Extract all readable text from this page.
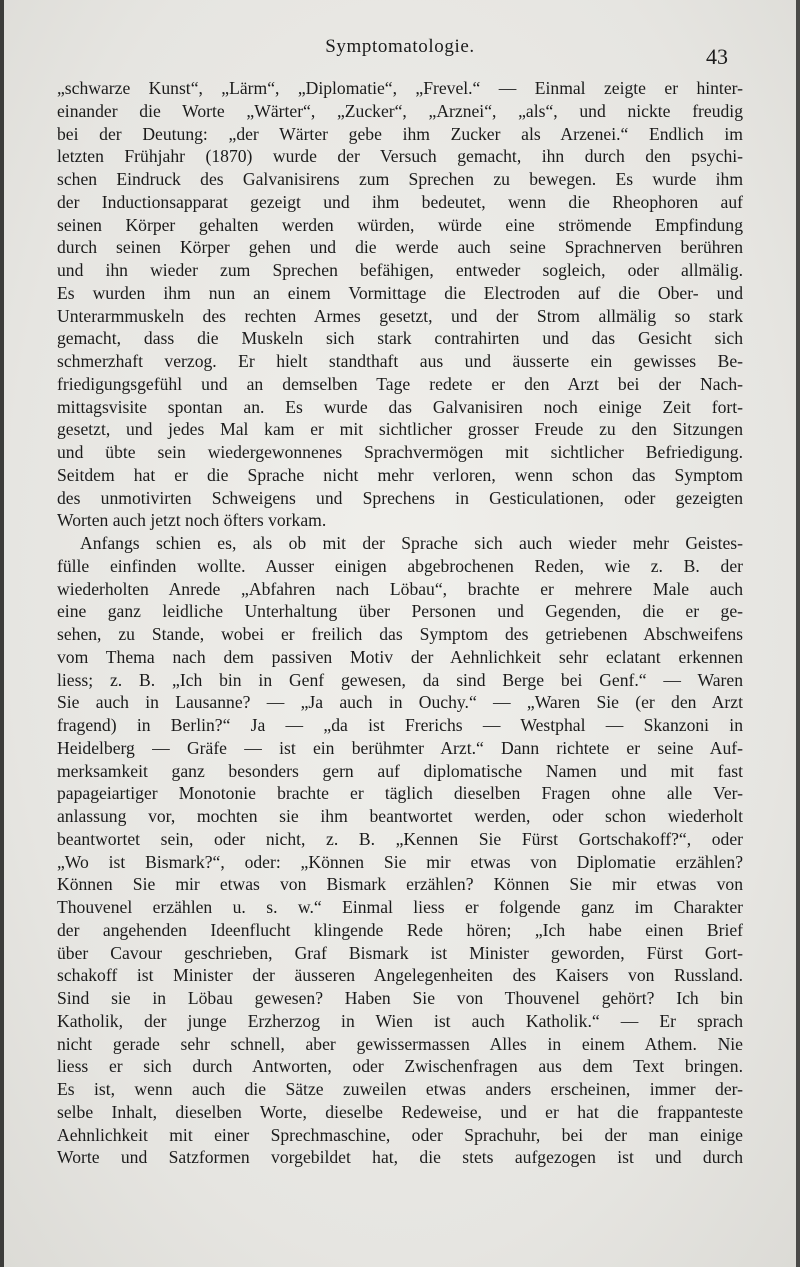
Symptomatologie.	43

„schwarze Kunst“, „Lärm“, „Diplomatie“, „Frevel.“ — Einmal zeigte er hinter-
einander die Worte „Wärter“, „Zucker“, „Arznei“, „als“, und nickte freudig
bei der Deutung: „der Wärter gebe ihm Zucker als Arzenei.“ Endlich im
letzten Frühjahr (1870) wurde der Versuch gemacht, ihn durch den psychi-
schen Eindruck des Galvanisirens zum Sprechen zu bewegen. Es wurde ihm
der Inductionsapparat gezeigt und ihm bedeutet, wenn die Rheophoren auf
seinen Körper gehalten werden würden, würde eine strömende Empfindung
durch seinen Körper gehen und die werde auch seine Sprachnerven berühren
und ihn wieder zum Sprechen befähigen, entweder sogleich, oder allmälig.
Es wurden ihm nun an einem Vormittage die Electroden auf die Ober- und
Unterarmmuskeln des rechten Armes gesetzt, und der Strom allmälig so stark
gemacht, dass die Muskeln sich stark contrahirten und das Gesicht sich
schmerzhaft verzog. Er hielt standthaft aus und äusserte ein gewisses Be-
friedigungsgefühl und an demselben Tage redete er den Arzt bei der Nach-
mittagsvisite spontan an. Es wurde das Galvanisiren noch einige Zeit fort-
gesetzt, und jedes Mal kam er mit sichtlicher grosser Freude zu den Sitzungen
und übte sein wiedergewonnenes Sprachvermögen mit sichtlicher Befriedigung.
Seitdem hat er die Sprache nicht mehr verloren, wenn schon das Symptom
des unmotivirten Schweigens und Sprechens in Gesticulationen, oder gezeigten
Worten auch jetzt noch öfters vorkam.

Anfangs schien es, als ob mit der Sprache sich auch wieder mehr Geistes-
fülle einfinden wollte. Ausser einigen abgebrochenen Reden, wie z. B. der
wiederholten Anrede „Abfahren nach Löbau“, brachte er mehrere Male auch
eine ganz leidliche Unterhaltung über Personen und Gegenden, die er ge-
sehen, zu Stande, wobei er freilich das Symptom des getriebenen Abschweifens
vom Thema nach dem passiven Motiv der Aehnlichkeit sehr eclatant erkennen
liess; z. B. „Ich bin in Genf gewesen, da sind Berge bei Genf.“ — Waren
Sie auch in Lausanne? — „Ja auch in Ouchy.“ — „Waren Sie (er den Arzt
fragend) in Berlin?“ Ja — „da ist Frerichs — Westphal — Skanzoni in
Heidelberg — Gräfe — ist ein berühmter Arzt.“ Dann richtete er seine Auf-
merksamkeit ganz besonders gern auf diplomatische Namen und mit fast
papageiartiger Monotonie brachte er täglich dieselben Fragen ohne alle Ver-
anlassung vor, mochten sie ihm beantwortet werden, oder schon wiederholt
beantwortet sein, oder nicht, z. B. „Kennen Sie Fürst Gortschakoff?“, oder
„Wo ist Bismark?“, oder: „Können Sie mir etwas von Diplomatie erzählen?
Können Sie mir etwas von Bismark erzählen? Können Sie mir etwas von
Thouvenel erzählen u. s. w.“ Einmal liess er folgende ganz im Charakter
der angehenden Ideenflucht klingende Rede hören; „Ich habe einen Brief
über Cavour geschrieben, Graf Bismark ist Minister geworden, Fürst Gort-
schakoff ist Minister der äusseren Angelegenheiten des Kaisers von Russland.
Sind sie in Löbau gewesen? Haben Sie von Thouvenel gehört? Ich bin
Katholik, der junge Erzherzog in Wien ist auch Katholik.“ — Er sprach
nicht gerade sehr schnell, aber gewissermassen Alles in einem Athem. Nie
liess er sich durch Antworten, oder Zwischenfragen aus dem Text bringen.
Es ist, wenn auch die Sätze zuweilen etwas anders erscheinen, immer der-
selbe Inhalt, dieselben Worte, dieselbe Redeweise, und er hat die frappanteste
Aehnlichkeit mit einer Sprechmaschine, oder Sprachuhr, bei der man einige
Worte und Satzformen vorgebildet hat, die stets aufgezogen ist und durch
